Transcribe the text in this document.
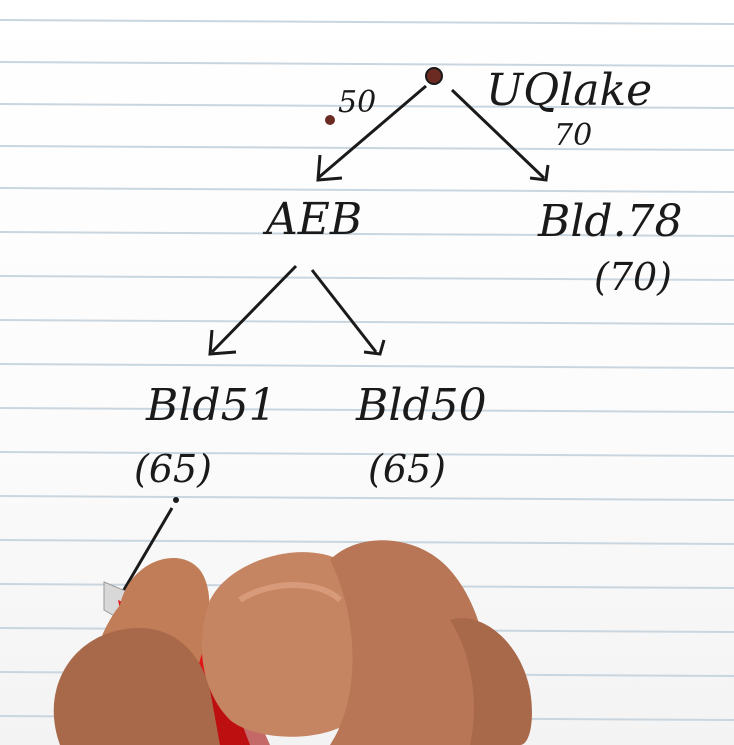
UQlake
50
70
AEB	Bld.78
(70)
Bld51
(65)
Bld50
(65)
